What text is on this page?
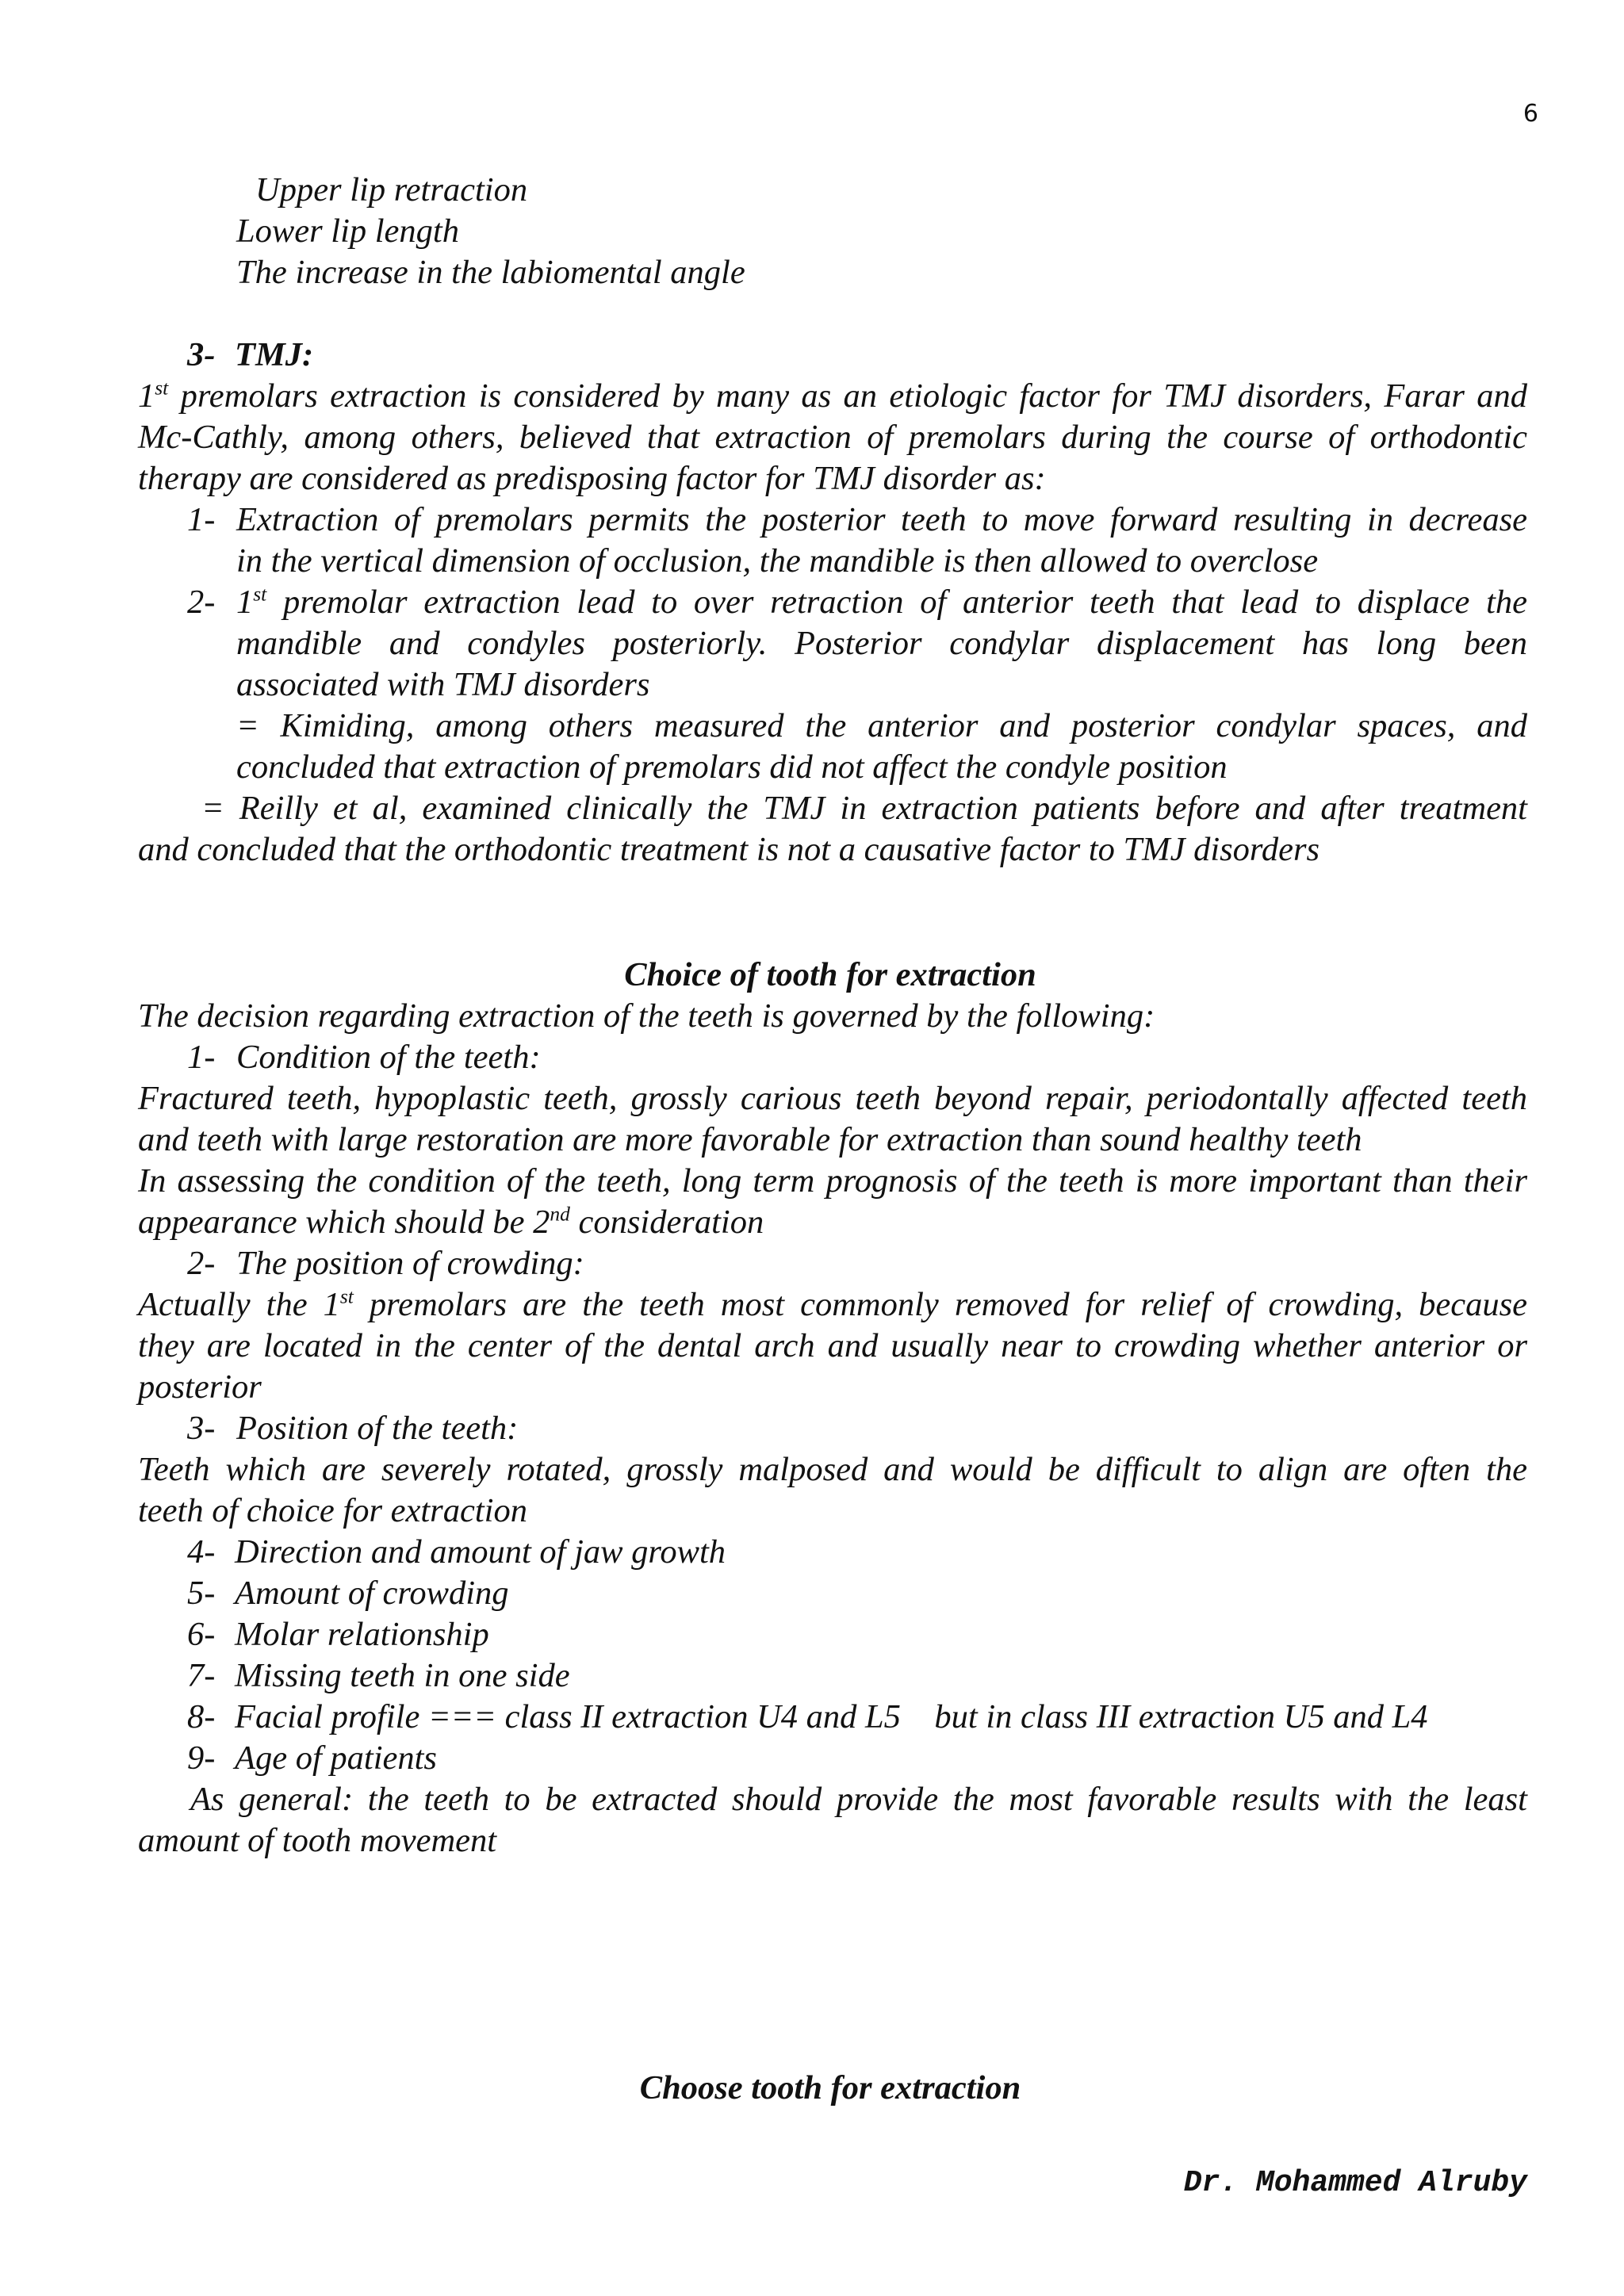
6
Upper lip retraction
Lower lip length
The increase in the labiomental angle
3- TMJ:
1st premolars extraction is considered by many as an etiologic factor for TMJ disorders, Farar and
Mc-Cathly, among others, believed that extraction of premolars during the course of orthodontic
therapy are considered as predisposing factor for TMJ disorder as:
1- Extraction of premolars permits the posterior teeth to move forward resulting in decrease
in the vertical dimension of occlusion, the mandible is then allowed to overclose
2- 1st premolar extraction lead to over retraction of anterior teeth that lead to displace the
mandible and condyles posteriorly. Posterior condylar displacement has long been
associated with TMJ disorders
= Kimiding, among others measured the anterior and posterior condylar spaces, and
concluded that extraction of premolars did not affect the condyle position
= Reilly et al, examined clinically the TMJ in extraction patients before and after treatment
and concluded that the orthodontic treatment is not a causative factor to TMJ disorders
Choice of tooth for extraction
The decision regarding extraction of the teeth is governed by the following:
1- Condition of the teeth:
Fractured teeth, hypoplastic teeth, grossly carious teeth beyond repair, periodontally affected teeth
and teeth with large restoration are more favorable for extraction than sound healthy teeth
In assessing the condition of the teeth, long term prognosis of the teeth is more important than their
appearance which should be 2nd consideration
2- The position of crowding:
Actually the 1st premolars are the teeth most commonly removed for relief of crowding, because
they are located in the center of the dental arch and usually near to crowding whether anterior or
posterior
3- Position of the teeth:
Teeth which are severely rotated, grossly malposed and would be difficult to align are often the
teeth of choice for extraction
4- Direction and amount of jaw growth
5- Amount of crowding
6- Molar relationship
7- Missing teeth in one side
8- Facial profile === class II extraction U4 and L5    but in class III extraction U5 and L4
9- Age of patients
As general: the teeth to be extracted should provide the most favorable results with the least
amount of tooth movement
Choose tooth for extraction
Dr. Mohammed Alruby
